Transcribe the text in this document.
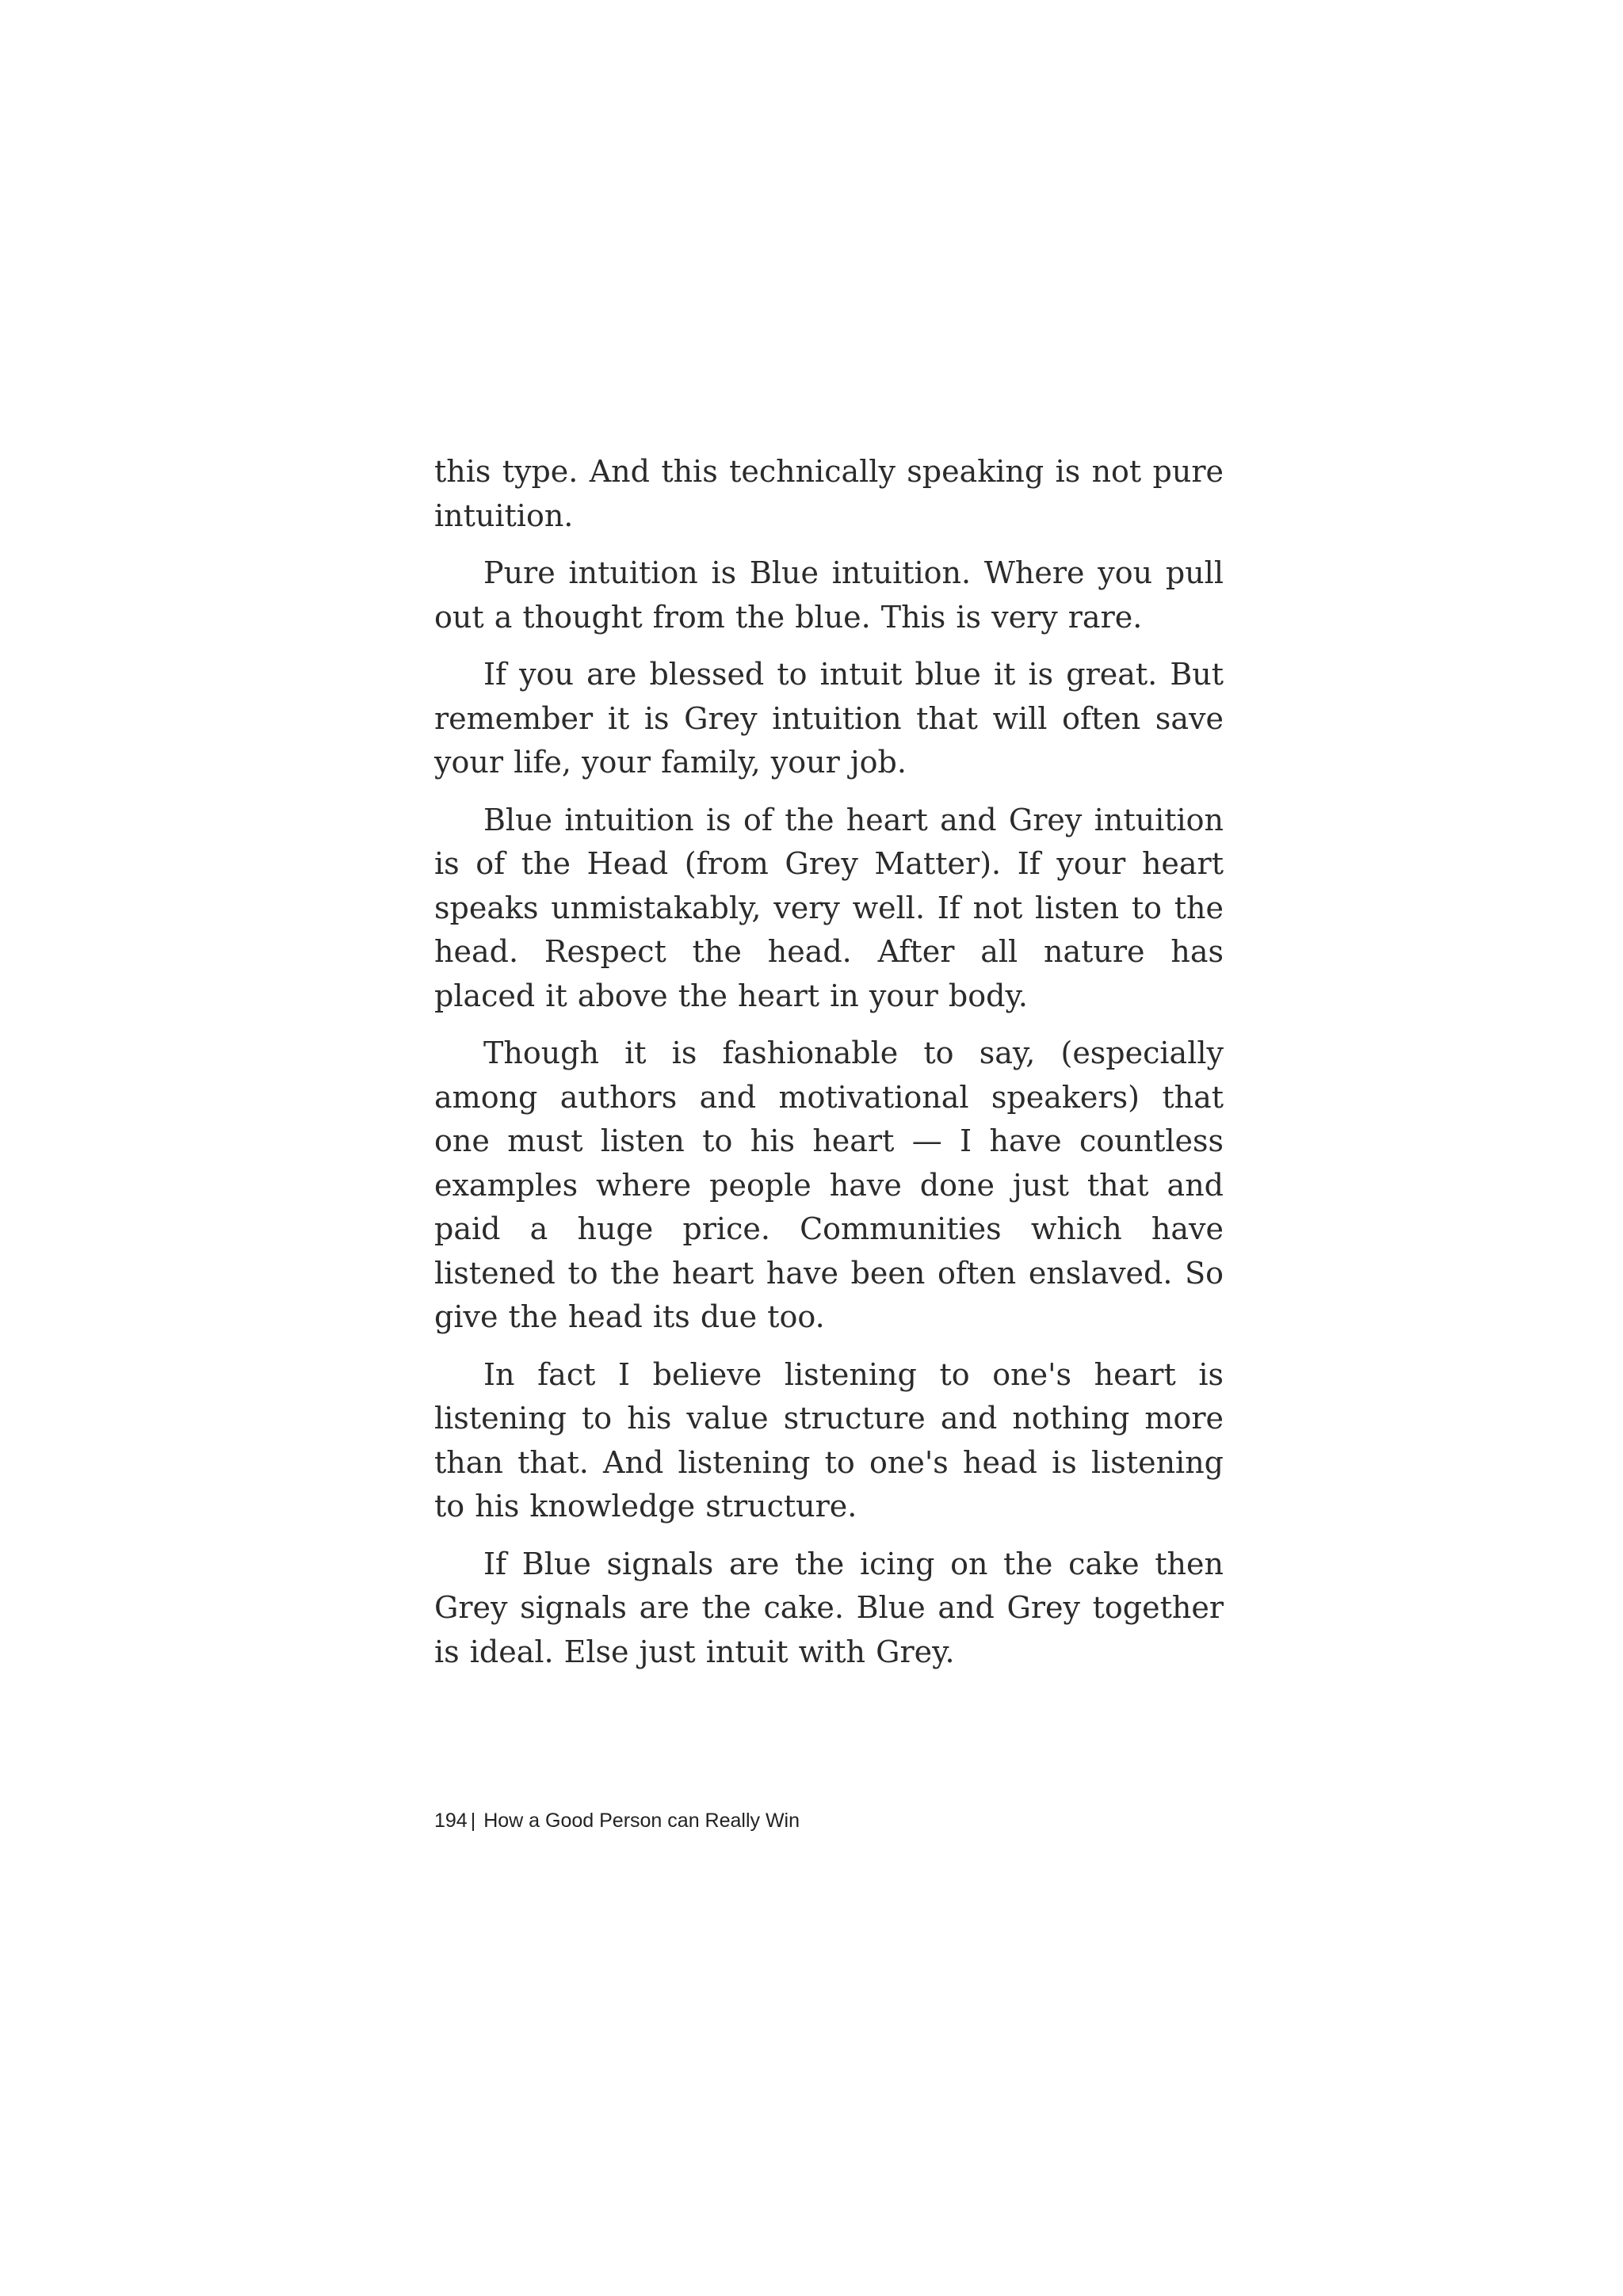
this type. And this technically speaking is not pure intuition.

Pure intuition is Blue intuition. Where you pull out a thought from the blue. This is very rare.

If you are blessed to intuit blue it is great. But remember it is Grey intuition that will often save your life, your family, your job.

Blue intuition is of the heart and Grey intuition is of the Head (from Grey Matter). If your heart speaks unmistakably, very well. If not listen to the head. Respect the head. After all nature has placed it above the heart in your body.

Though it is fashionable to say, (especially among authors and motivational speakers) that one must listen to his heart — I have countless examples where people have done just that and paid a huge price. Communities which have listened to the heart have been often enslaved. So give the head its due too.

In fact I believe listening to one's heart is listening to his value structure and nothing more than that. And listening to one's head is listening to his knowledge structure.

If Blue signals are the icing on the cake then Grey signals are the cake. Blue and Grey together is ideal. Else just intuit with Grey.

194 | How a Good Person can Really Win
